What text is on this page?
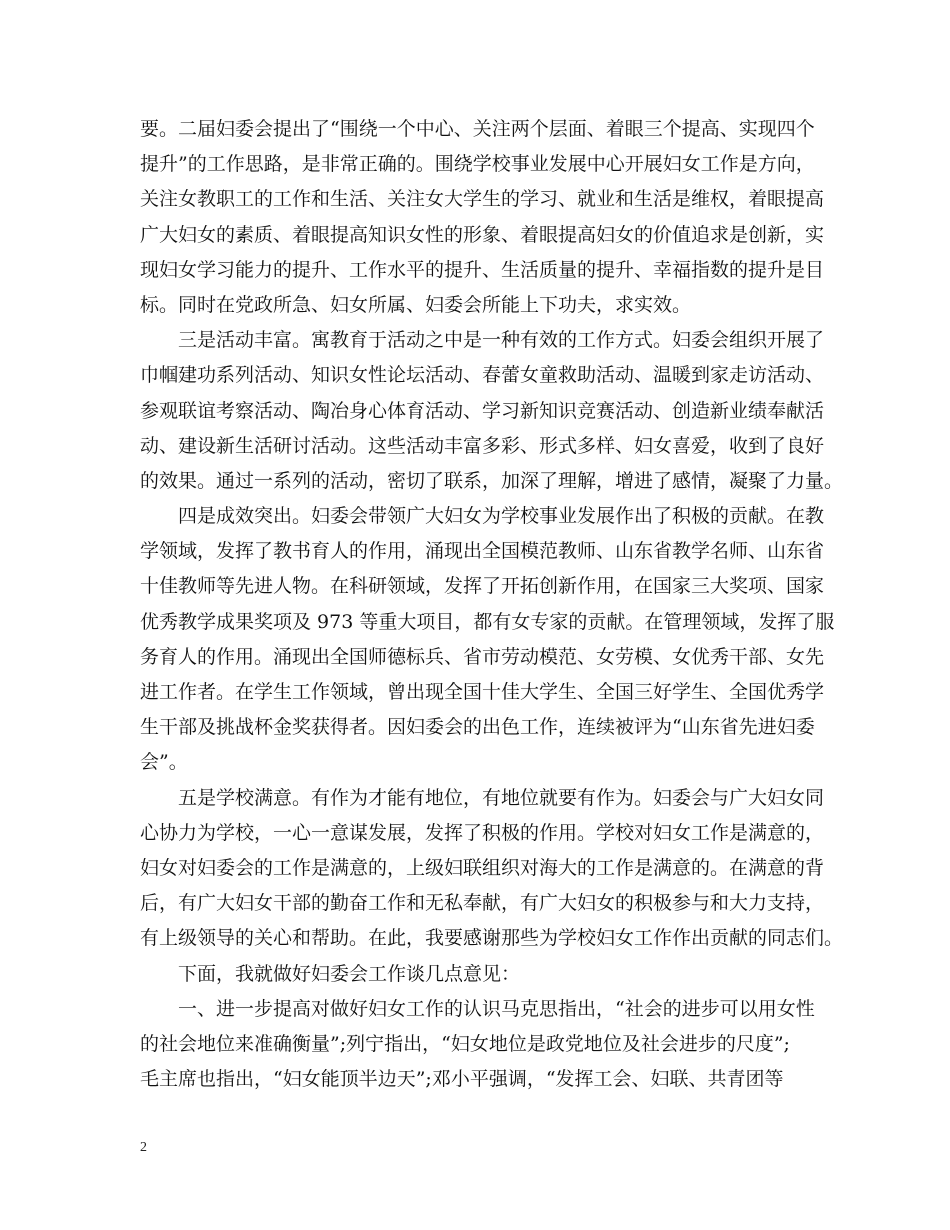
要。二届妇委会提出了“围绕一个中心、关注两个层面、着眼三个提高、实现四个
提升”的工作思路，是非常正确的。围绕学校事业发展中心开展妇女工作是方向，
关注女教职工的工作和生活、关注女大学生的学习、就业和生活是维权，着眼提高
广大妇女的素质、着眼提高知识女性的形象、着眼提高妇女的价值追求是创新，实
现妇女学习能力的提升、工作水平的提升、生活质量的提升、幸福指数的提升是目
标。同时在党政所急、妇女所属、妇委会所能上下功夫，求实效。
三是活动丰富。寓教育于活动之中是一种有效的工作方式。妇委会组织开展了
巾帼建功系列活动、知识女性论坛活动、春蕾女童救助活动、温暖到家走访活动、
参观联谊考察活动、陶冶身心体育活动、学习新知识竞赛活动、创造新业绩奉献活
动、建设新生活研讨活动。这些活动丰富多彩、形式多样、妇女喜爱，收到了良好
的效果。通过一系列的活动，密切了联系，加深了理解，增进了感情，凝聚了力量。
四是成效突出。妇委会带领广大妇女为学校事业发展作出了积极的贡献。在教
学领域，发挥了教书育人的作用，涌现出全国模范教师、山东省教学名师、山东省
十佳教师等先进人物。在科研领域，发挥了开拓创新作用，在国家三大奖项、国家
优秀教学成果奖项及 973 等重大项目，都有女专家的贡献。在管理领域，发挥了服
务育人的作用。涌现出全国师德标兵、省市劳动模范、女劳模、女优秀干部、女先
进工作者。在学生工作领域，曾出现全国十佳大学生、全国三好学生、全国优秀学
生干部及挑战杯金奖获得者。因妇委会的出色工作，连续被评为“山东省先进妇委
会”。
五是学校满意。有作为才能有地位，有地位就要有作为。妇委会与广大妇女同
心协力为学校，一心一意谋发展，发挥了积极的作用。学校对妇女工作是满意的，
妇女对妇委会的工作是满意的，上级妇联组织对海大的工作是满意的。在满意的背
后，有广大妇女干部的勤奋工作和无私奉献，有广大妇女的积极参与和大力支持，
有上级领导的关心和帮助。在此，我要感谢那些为学校妇女工作作出贡献的同志们。
下面，我就做好妇委会工作谈几点意见：
一、进一步提高对做好妇女工作的认识马克思指出，“社会的进步可以用女性
的社会地位来准确衡量”;列宁指出，“妇女地位是政党地位及社会进步的尺度”;
毛主席也指出，“妇女能顶半边天”;邓小平强调，“发挥工会、妇联、共青团等
2
